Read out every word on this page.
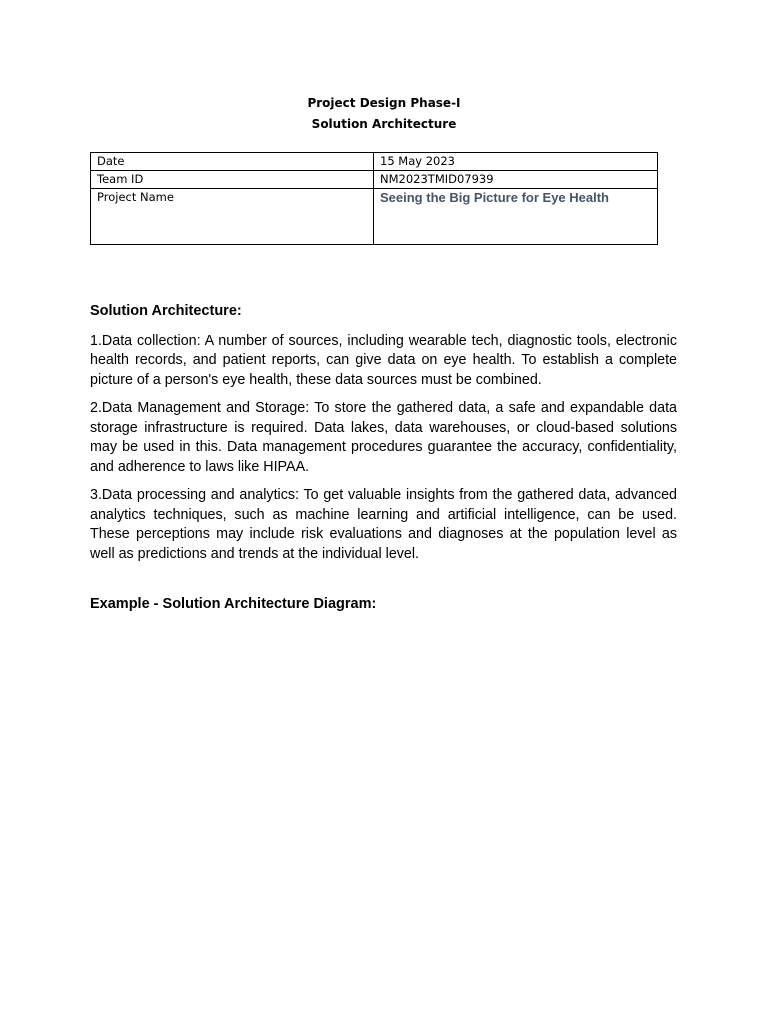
Project Design Phase-I
Solution Architecture
Date	15 May 2023
Team ID	NM2023TMID07939
Project Name	Seeing the Big Picture for Eye Health
Solution Architecture:

1.Data collection: A number of sources, including wearable tech, diagnostic tools, electronic health records, and patient reports, can give data on eye health. To establish a complete picture of a person's eye health, these data sources must be combined.

2.Data Management and Storage: To store the gathered data, a safe and expandable data storage infrastructure is required. Data lakes, data warehouses, or cloud-based solutions may be used in this. Data management procedures guarantee the accuracy, confidentiality, and adherence to laws like HIPAA.

3.Data processing and analytics: To get valuable insights from the gathered data, advanced analytics techniques, such as machine learning and artificial intelligence, can be used. These perceptions may include risk evaluations and diagnoses at the population level as well as predictions and trends at the individual level.

Example - Solution Architecture Diagram:
